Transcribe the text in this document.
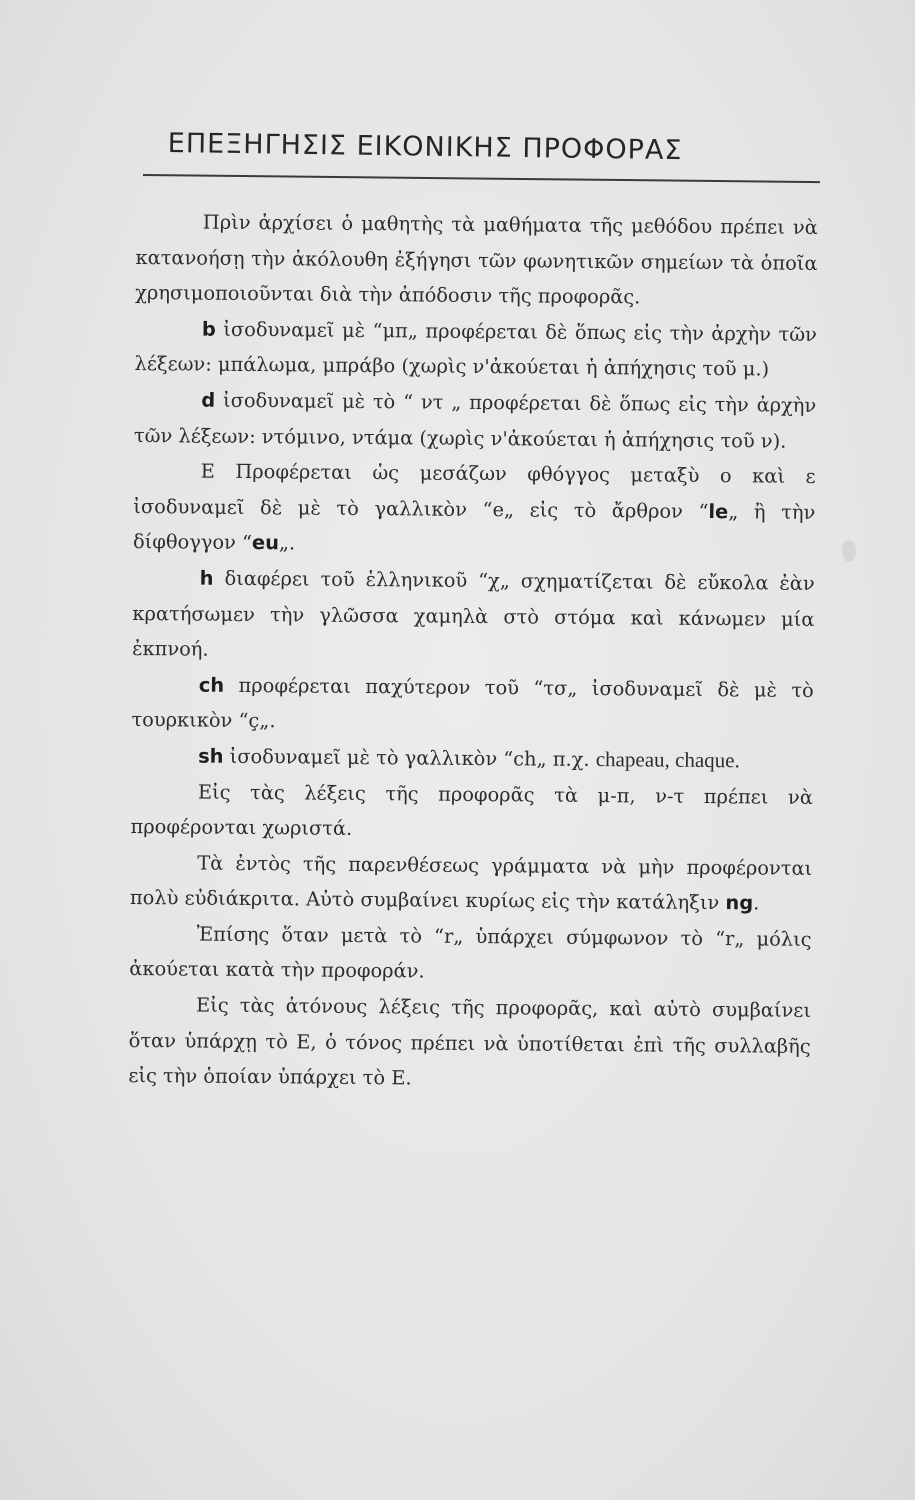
ΕΠΕΞΗΓΗΣΙΣ ΕΙΚΟΝΙΚΗΣ ΠΡΟΦΟΡΑΣ

Πρὶν ἀρχίσει ὁ μαθητὴς τὰ μαθήματα τῆς μεθόδου πρέπει νὰ κατανοήσῃ τὴν ἀκόλουθη ἐξήγησι τῶν φωνητικῶν σημείων τὰ ὁποῖα χρησιμοποιοῦνται διὰ τὴν ἀπόδοσιν τῆς προφορᾶς.

b ἰσοδυναμεῖ μὲ “μπ„ προφέρεται δὲ ὅπως εἰς τὴν ἀρχὴν τῶν λέξεων: μπάλωμα, μπράβο (χωρὶς ν'ἀκούεται ἡ ἀπήχησις τοῦ μ.)

d ἰσοδυναμεῖ μὲ τὸ “ ντ „ προφέρεται δὲ ὅπως εἰς τὴν ἀρχὴν τῶν λέξεων: ντόμινο, ντάμα (χωρὶς ν'ἀκούεται ἡ ἀπήχησις τοῦ ν).

E Προφέρεται ὡς μεσάζων φθόγγος μεταξὺ ο καὶ ε ἰσοδυναμεῖ δὲ μὲ τὸ γαλλικὸν “e„ εἰς τὸ ἄρθρον “le„ ἢ τὴν δίφθογγον “eu„.

h διαφέρει τοῦ ἑλληνικοῦ “χ„ σχηματίζεται δὲ εὔκολα ἐὰν κρατήσωμεν τὴν γλῶσσα χαμηλὰ στὸ στόμα καὶ κάνωμεν μία ἐκπνοή.

ch προφέρεται παχύτερον τοῦ “τσ„ ἰσοδυναμεῖ δὲ μὲ τὸ τουρκικὸν “ç„.

sh ἰσοδυναμεῖ μὲ τὸ γαλλικὸν “ch„ π.χ. chapeau, chaque.

Εἰς τὰς λέξεις τῆς προφορᾶς τὰ μ-π, ν-τ πρέπει νὰ προφέρονται χωριστά.

Τὰ ἐντὸς τῆς παρενθέσεως γράμματα νὰ μὴν προφέρονται πολὺ εὐδιάκριτα. Αὐτὸ συμβαίνει κυρίως εἰς τὴν κατάληξιν ng.

Ἐπίσης ὅταν μετὰ τὸ “r„ ὑπάρχει σύμφωνον τὸ “r„ μόλις ἀκούεται κατὰ τὴν προφοράν.

Εἰς τὰς ἀτόνους λέξεις τῆς προφορᾶς, καὶ αὐτὸ συμβαίνει ὅταν ὑπάρχῃ τὸ Ε, ὁ τόνος πρέπει νὰ ὑποτίθεται ἐπὶ τῆς συλλαβῆς εἰς τὴν ὁποίαν ὑπάρχει τὸ Ε.
